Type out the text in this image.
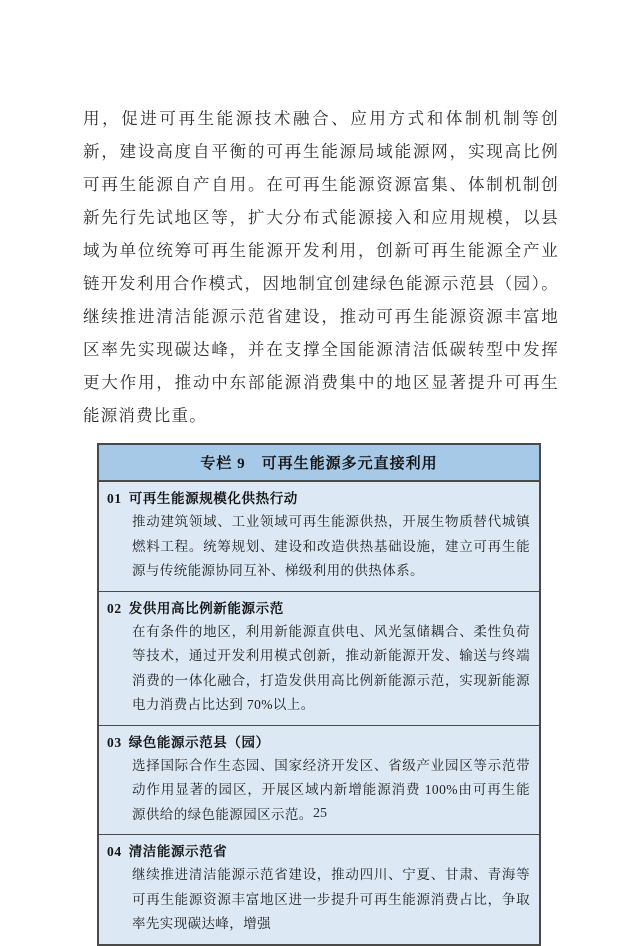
用，促进可再生能源技术融合、应用方式和体制机制等创新，建设高度自平衡的可再生能源局域能源网，实现高比例可再生能源自产自用。在可再生能源资源富集、体制机制创新先行先试地区等，扩大分布式能源接入和应用规模，以县域为单位统筹可再生能源开发利用，创新可再生能源全产业链开发利用合作模式，因地制宜创建绿色能源示范县（园）。继续推进清洁能源示范省建设，推动可再生能源资源丰富地区率先实现碳达峰，并在支撑全国能源清洁低碳转型中发挥更大作用，推动中东部能源消费集中的地区显著提升可再生能源消费比重。

专栏 9　可再生能源多元直接利用
01 可再生能源规模化供热行动
推动建筑领域、工业领域可再生能源供热，开展生物质替代城镇燃料工程。统筹规划、建设和改造供热基础设施，建立可再生能源与传统能源协同互补、梯级利用的供热体系。
02 发供用高比例新能源示范
在有条件的地区，利用新能源直供电、风光氢储耦合、柔性负荷等技术，通过开发利用模式创新，推动新能源开发、输送与终端消费的一体化融合，打造发供用高比例新能源示范，实现新能源电力消费占比达到 70%以上。
03 绿色能源示范县（园）
选择国际合作生态园、国家经济开发区、省级产业园区等示范带动作用显著的园区，开展区域内新增能源消费 100%由可再生能源供给的绿色能源园区示范。
04 清洁能源示范省
继续推进清洁能源示范省建设，推动四川、宁夏、甘肃、青海等可再生能源资源丰富地区进一步提升可再生能源消费占比，争取率先实现碳达峰，增强
25
